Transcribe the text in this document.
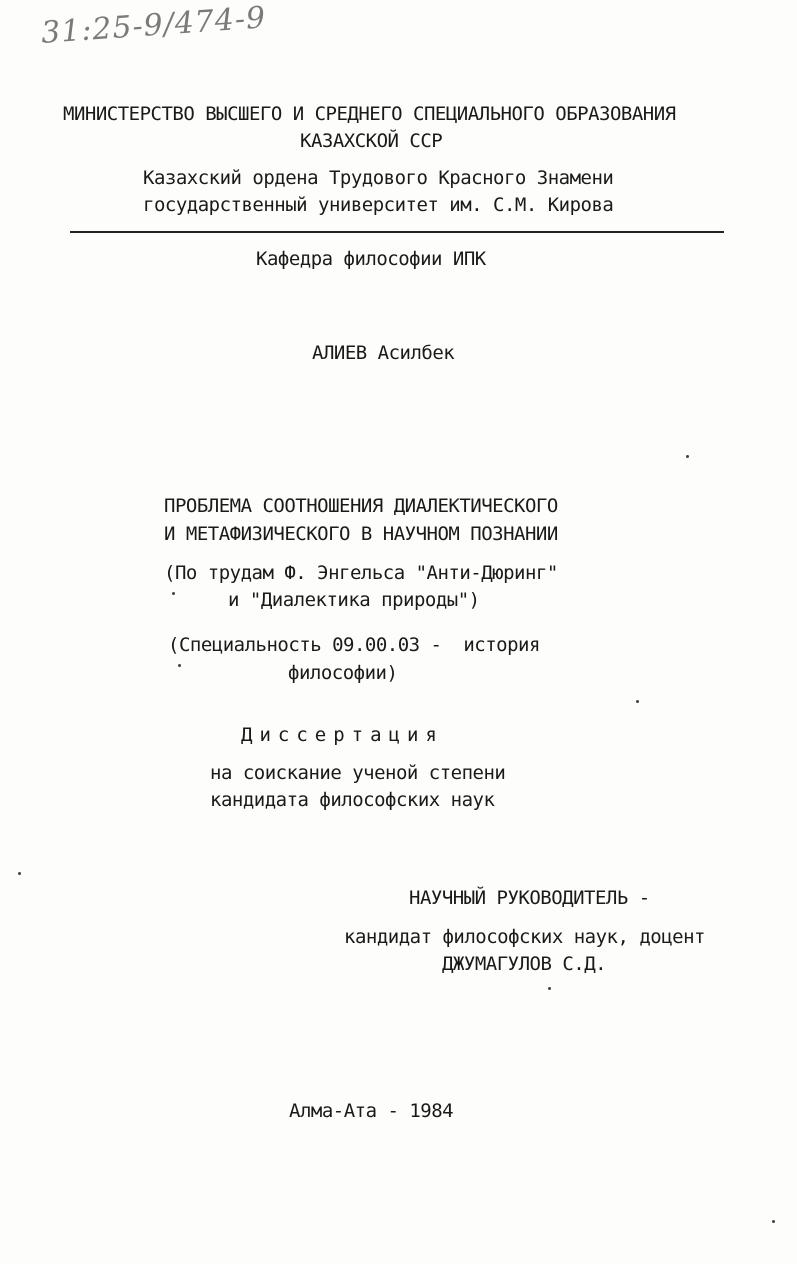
31:25-9/474-9
МИНИСТЕРСТВО ВЫСШЕГО И СРЕДНЕГО СПЕЦИАЛЬНОГО ОБРАЗОВАНИЯ
КАЗАХСКОЙ ССР
Казахский ордена Трудового Красного Знамени
государственный университет им. С.М. Кирова
Кафедра философии ИПК
АЛИЕВ Асилбек
ПРОБЛЕМА СООТНОШЕНИЯ ДИАЛЕКТИЧЕСКОГО
И МЕТАФИЗИЧЕСКОГО В НАУЧНОМ ПОЗНАНИИ
(По трудам Ф. Энгельса "Анти-Дюринг"
и "Диалектика природы")
(Специальность 09.00.03 -  история
философии)
Диссертация
на соискание ученой степени
кандидата философских наук
НАУЧНЫЙ РУКОВОДИТЕЛЬ -
кандидат философских наук, доцент
ДЖУМАГУЛОВ С.Д.
Алма-Ата - 1984
